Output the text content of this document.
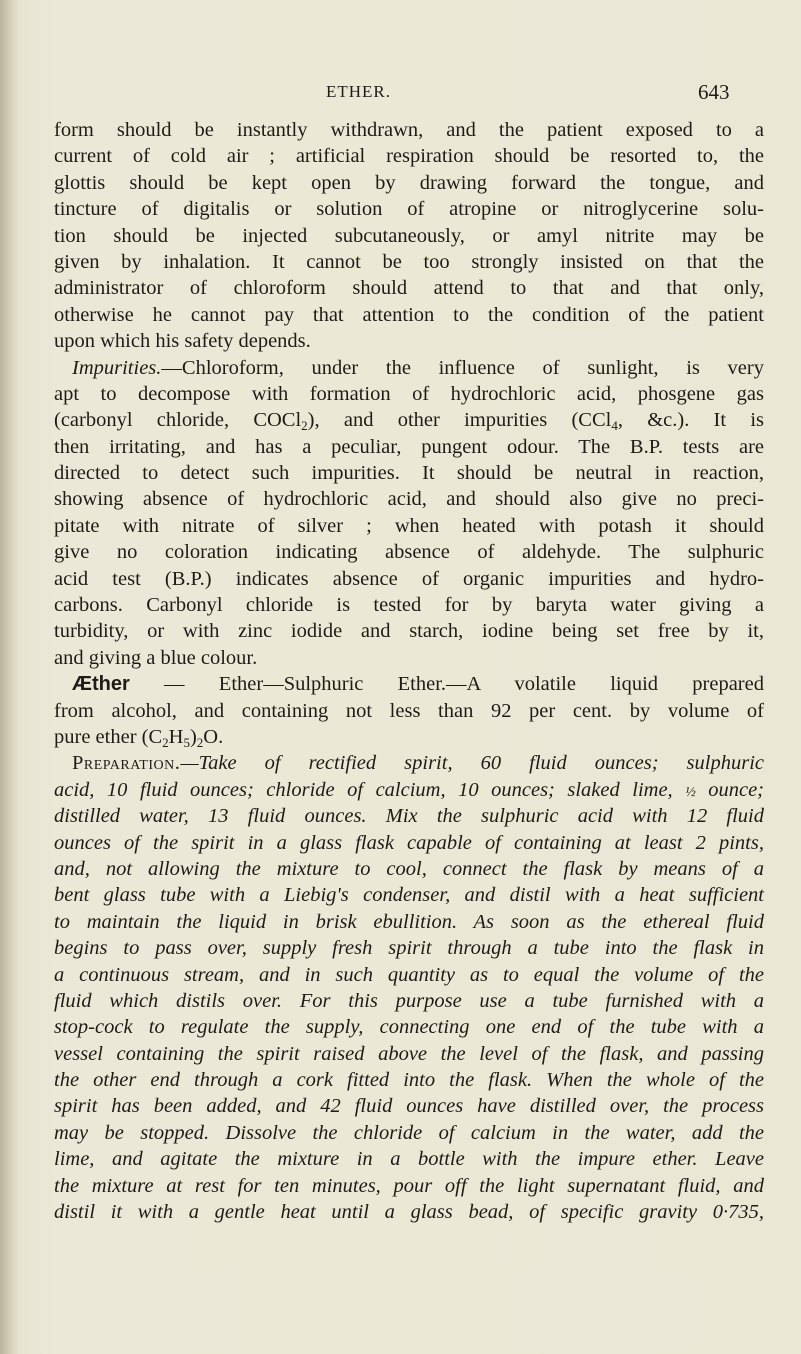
ETHER.	643
form should be instantly withdrawn, and the patient exposed to a
current of cold air ; artificial respiration should be resorted to, the
glottis should be kept open by drawing forward the tongue, and
tincture of digitalis or solution of atropine or nitroglycerine solu-
tion should be injected subcutaneously, or amyl nitrite may be
given by inhalation. It cannot be too strongly insisted on that the
administrator of chloroform should attend to that and that only,
otherwise he cannot pay that attention to the condition of the patient
upon which his safety depends.
Impurities.—Chloroform, under the influence of sunlight, is very
apt to decompose with formation of hydrochloric acid, phosgene gas
(carbonyl chloride, COCl$_2$), and other impurities (CCl$_4$, &c.). It is
then irritating, and has a peculiar, pungent odour. The B.P. tests are
directed to detect such impurities. It should be neutral in reaction,
showing absence of hydrochloric acid, and should also give no preci-
pitate with nitrate of silver ; when heated with potash it should
give no coloration indicating absence of aldehyde. The sulphuric
acid test (B.P.) indicates absence of organic impurities and hydro-
carbons. Carbonyl chloride is tested for by baryta water giving a
turbidity, or with zinc iodide and starch, iodine being set free by it,
and giving a blue colour.
Æther — Ether—Sulphuric Ether.—A volatile liquid prepared
from alcohol, and containing not less than 92 per cent. by volume of
pure ether $(C_2H_5)_2O$.
Preparation.—Take of rectified spirit, 60 fluid ounces; sulphuric
acid, 10 fluid ounces; chloride of calcium, 10 ounces; slaked lime, ½ ounce;
distilled water, 13 fluid ounces. Mix the sulphuric acid with 12 fluid
ounces of the spirit in a glass flask capable of containing at least 2 pints,
and, not allowing the mixture to cool, connect the flask by means of a
bent glass tube with a Liebig's condenser, and distil with a heat sufficient
to maintain the liquid in brisk ebullition. As soon as the ethereal fluid
begins to pass over, supply fresh spirit through a tube into the flask in
a continuous stream, and in such quantity as to equal the volume of the
fluid which distils over. For this purpose use a tube furnished with a
stop-cock to regulate the supply, connecting one end of the tube with a
vessel containing the spirit raised above the level of the flask, and passing
the other end through a cork fitted into the flask. When the whole of the
spirit has been added, and 42 fluid ounces have distilled over, the process
may be stopped. Dissolve the chloride of calcium in the water, add the
lime, and agitate the mixture in a bottle with the impure ether. Leave
the mixture at rest for ten minutes, pour off the light supernatant fluid, and
distil it with a gentle heat until a glass bead, of specific gravity 0·735,
